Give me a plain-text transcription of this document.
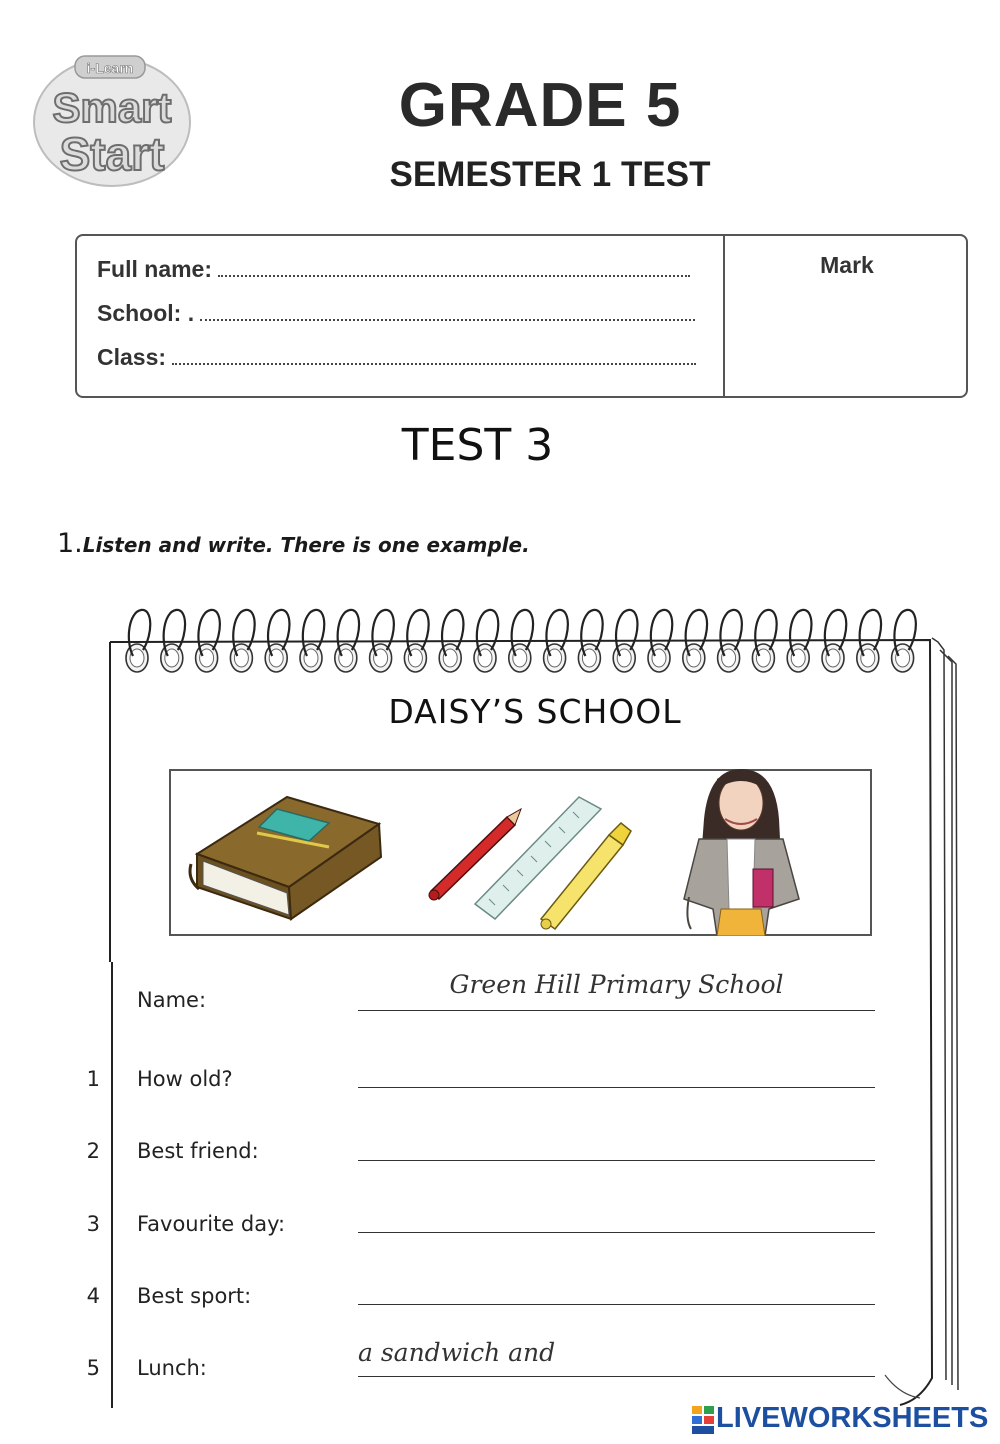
i-Learn
Smart
Start
GRADE 5
SEMESTER 1 TEST
Full name:
School: .
Class:
Mark
TEST 3
1.Listen and write. There is one example.
DAISY’S SCHOOL
Name:
Green Hill Primary School
1 How old?
2 Best friend:
3 Favourite day:
4 Best sport:
5 Lunch:
a sandwich and
LIVEWORKSHEETS
